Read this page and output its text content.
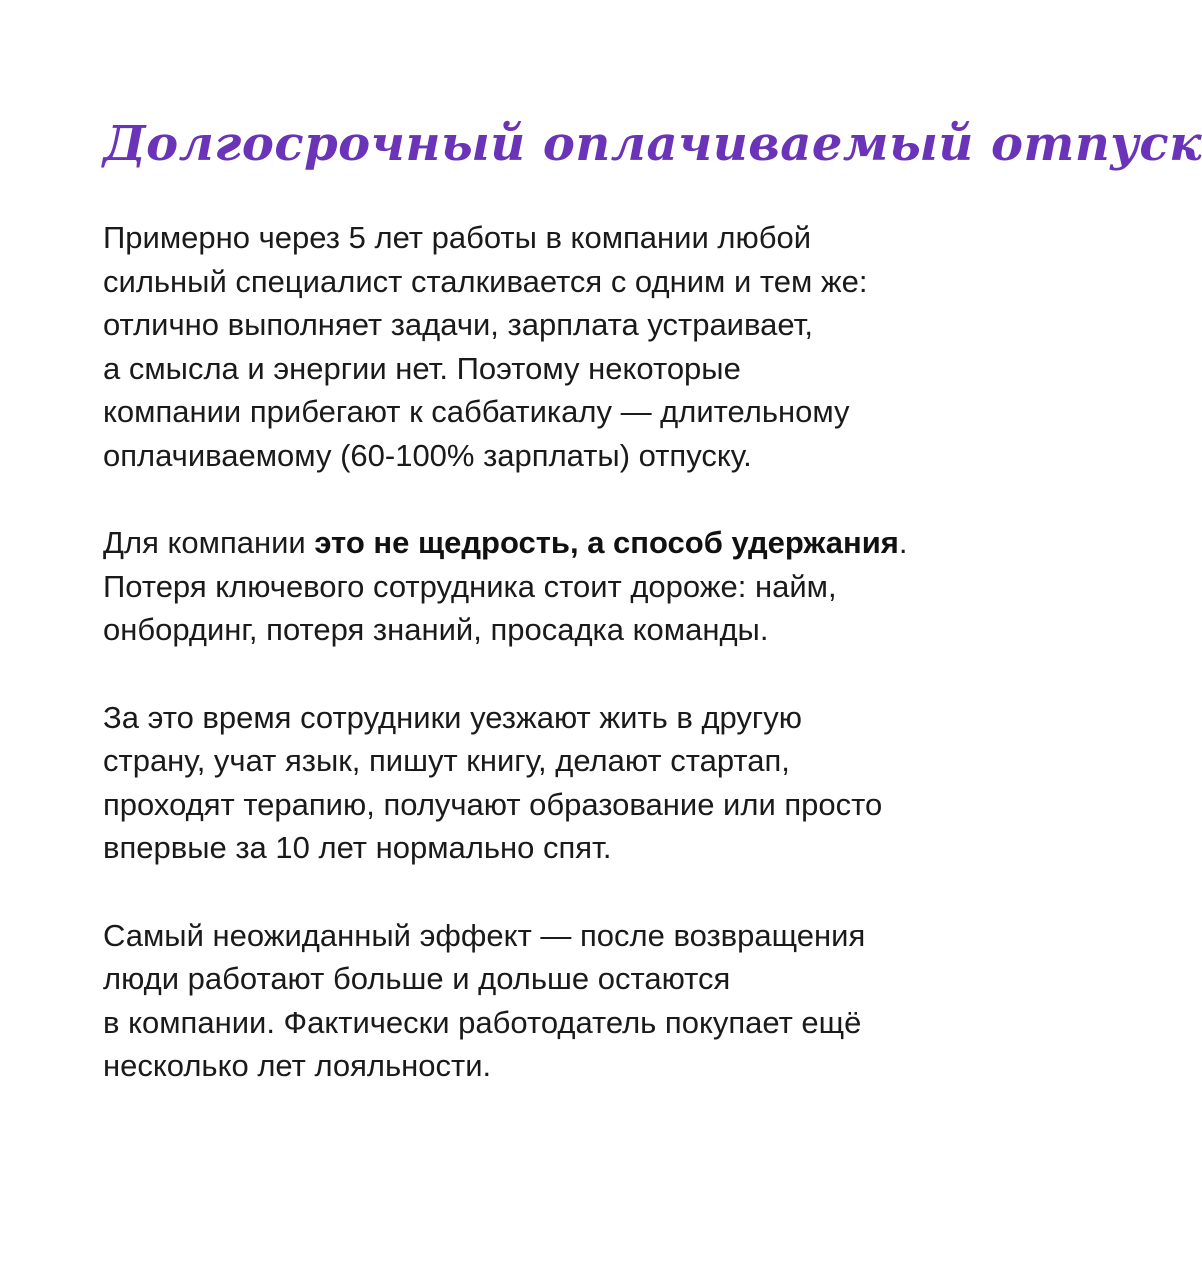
Долгосрочный оплачиваемый отпуск

Примерно через 5 лет работы в компании любой
сильный специалист сталкивается с одним и тем же:
отлично выполняет задачи, зарплата устраивает,
а смысла и энергии нет. Поэтому некоторые
компании прибегают к саббатикалу — длительному
оплачиваемому (60-100% зарплаты) отпуску.

Для компании это не щедрость, а способ удержания.
Потеря ключевого сотрудника стоит дороже: найм,
онбординг, потеря знаний, просадка команды.

За это время сотрудники уезжают жить в другую
страну, учат язык, пишут книгу, делают стартап,
проходят терапию, получают образование или просто
впервые за 10 лет нормально спят.

Самый неожиданный эффект — после возвращения
люди работают больше и дольше остаются
в компании. Фактически работодатель покупает ещё
несколько лет лояльности.
